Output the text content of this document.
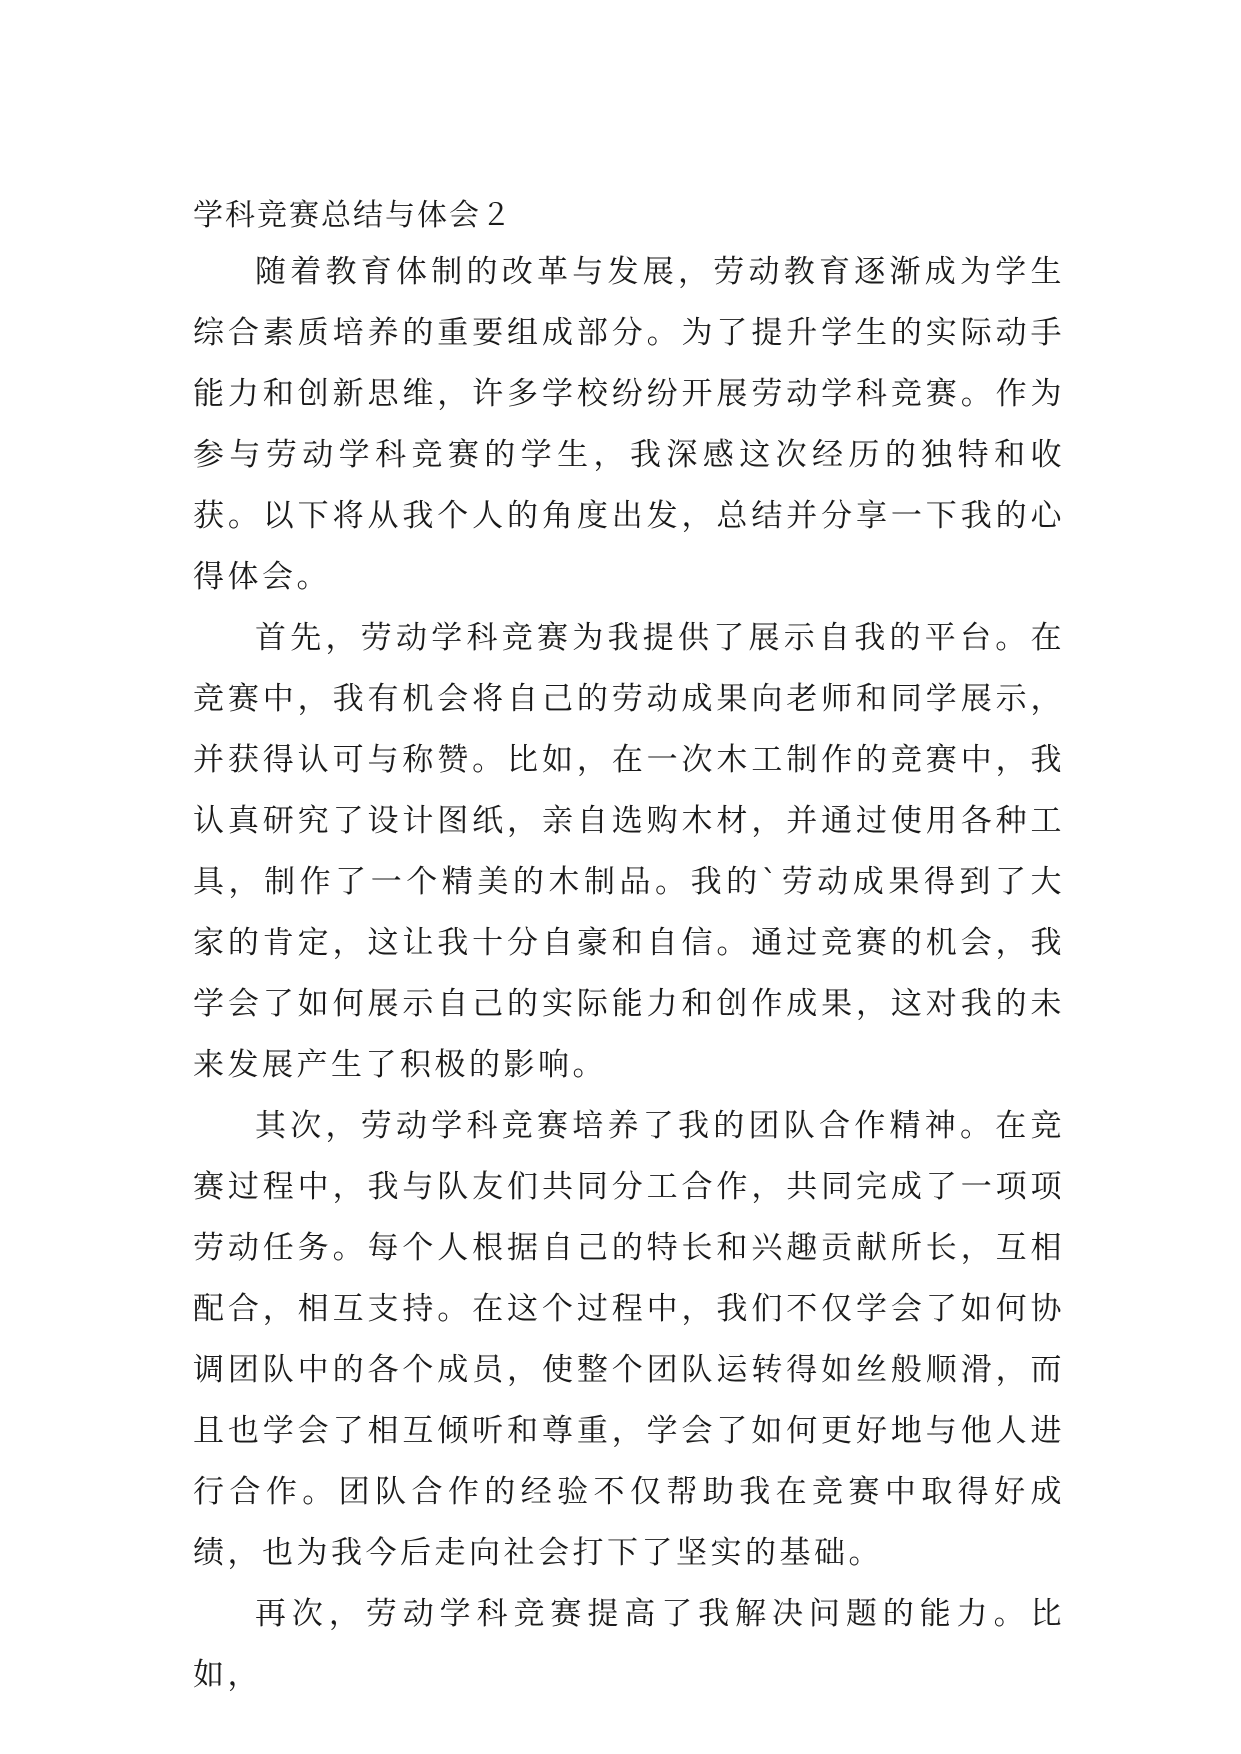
学科竞赛总结与体会２

随着教育体制的改革与发展，劳动教育逐渐成为学生综合素质培养的重要组成部分。为了提升学生的实际动手能力和创新思维，许多学校纷纷开展劳动学科竞赛。作为参与劳动学科竞赛的学生，我深感这次经历的独特和收获。以下将从我个人的角度出发，总结并分享一下我的心得体会。

首先，劳动学科竞赛为我提供了展示自我的平台。在竞赛中，我有机会将自己的劳动成果向老师和同学展示，并获得认可与称赞。比如，在一次木工制作的竞赛中，我认真研究了设计图纸，亲自选购木材，并通过使用各种工具，制作了一个精美的木制品。我的`劳动成果得到了大家的肯定，这让我十分自豪和自信。通过竞赛的机会，我学会了如何展示自己的实际能力和创作成果，这对我的未来发展产生了积极的影响。

其次，劳动学科竞赛培养了我的团队合作精神。在竞赛过程中，我与队友们共同分工合作，共同完成了一项项劳动任务。每个人根据自己的特长和兴趣贡献所长，互相配合，相互支持。在这个过程中，我们不仅学会了如何协调团队中的各个成员，使整个团队运转得如丝般顺滑，而且也学会了相互倾听和尊重，学会了如何更好地与他人进行合作。团队合作的经验不仅帮助我在竞赛中取得好成绩，也为我今后走向社会打下了坚实的基础。

再次，劳动学科竞赛提高了我解决问题的能力。比如，
